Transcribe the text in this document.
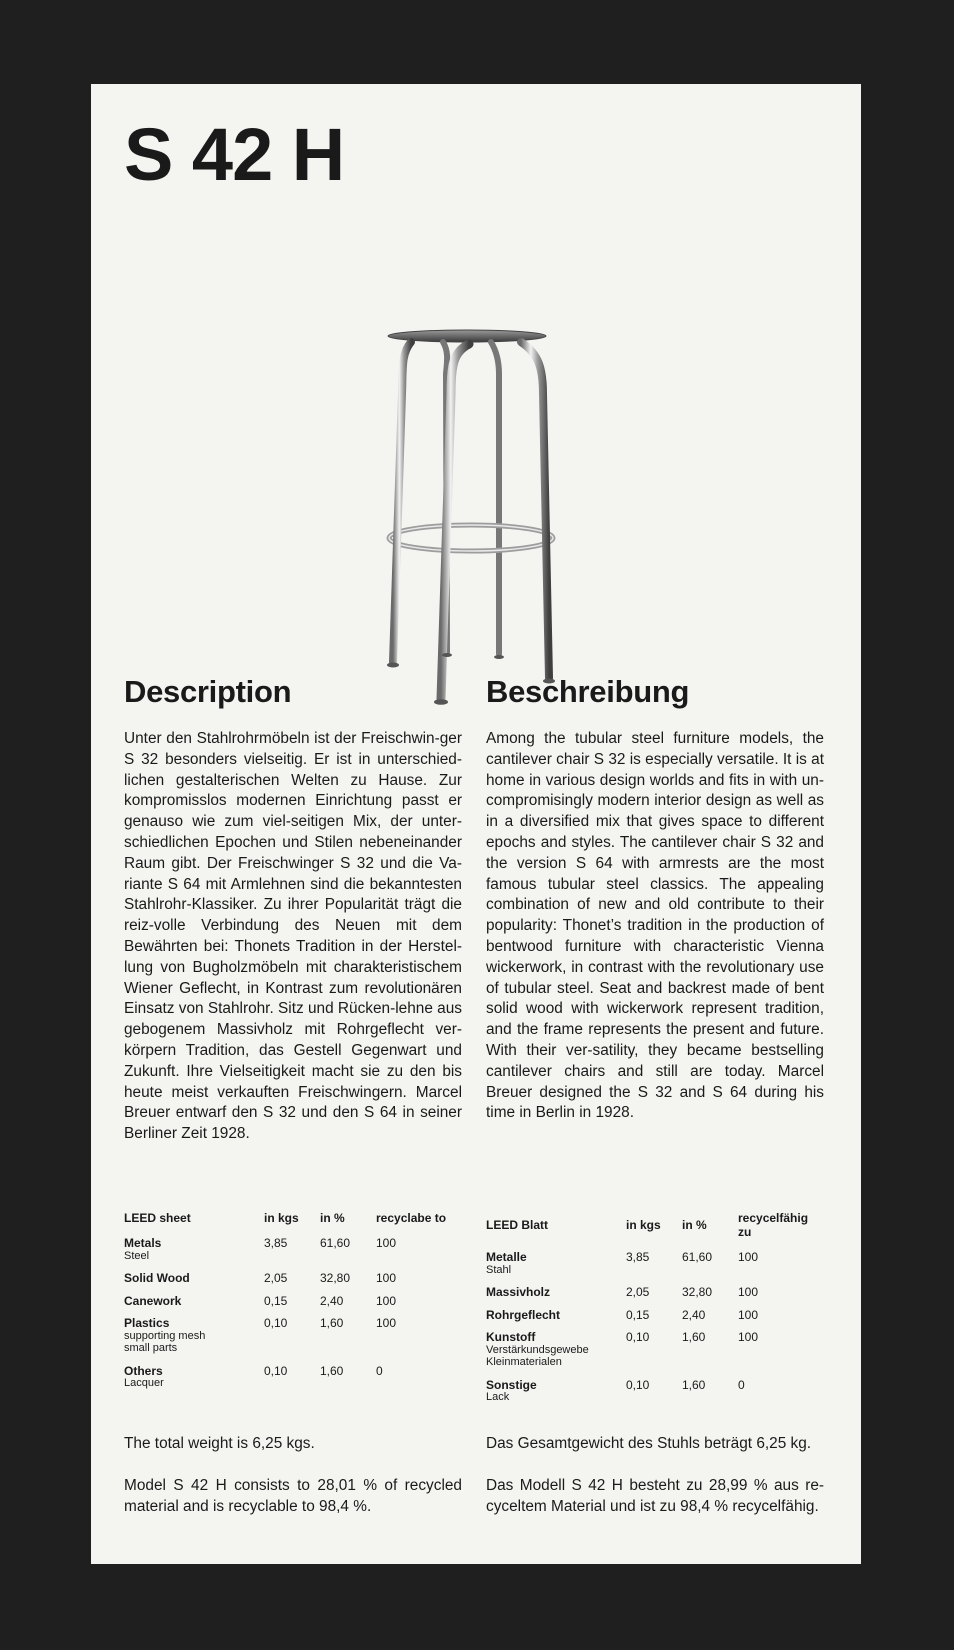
S 42 H
Description

Unter den Stahlrohrmöbeln ist der Freischwin-ger S 32 besonders vielseitig. Er ist in unterschied-lichen gestalterischen Welten zu Hause. Zur kompromisslos modernen Einrichtung passt er genauso wie zum viel-seitigen Mix, der unter-schiedlichen Epochen und Stilen nebeneinander Raum gibt. Der Freischwinger S 32 und die Va-riante S 64 mit Armlehnen sind die bekanntesten Stahlrohr-Klassiker. Zu ihrer Popularität trägt die reiz-volle Verbindung des Neuen mit dem Bewährten bei: Thonets Tradition in der Herstel-lung von Bugholzmöbeln mit charakteristischem Wiener Geflecht, in Kontrast zum revolutionären Einsatz von Stahlrohr. Sitz und Rücken-lehne aus gebogenem Massivholz mit Rohrgeflecht ver-körpern Tradition, das Gestell Gegenwart und Zukunft. Ihre Vielseitigkeit macht sie zu den bis heute meist verkauften Freischwingern. Marcel Breuer entwarf den S 32 und den S 64 in seiner Berliner Zeit 1928.

LEED sheet	in kgs	in %	recyclabe to
Metals
Steel	3,85	61,60	100
Solid Wood	2,05	32,80	100
Canework	0,15	2,40	100
Plastics
supporting mesh
small parts	0,10	1,60	100
Others
Lacquer	0,10	1,60	0

The total weight is 6,25 kgs.

Model S 42 H consists to 28,01 % of recycled material and is recyclable to 98,4 %.

Beschreibung

Among the tubular steel furniture models, the cantilever chair S 32 is especially versatile. It is at home in various design worlds and fits in with un-compromisingly modern interior design as well as in a diversified mix that gives space to different epochs and styles. The cantilever chair S 32 and the version S 64 with armrests are the most famous tubular steel classics. The appealing combination of new and old contribute to their popularity: Thonet’s tradition in the production of bentwood furniture with characteristic Vienna wickerwork, in contrast with the revolutionary use of tubular steel. Seat and backrest made of bent solid wood with wickerwork represent tradition, and the frame represents the present and future. With their ver-satility, they became bestselling cantilever chairs and still are today. Marcel Breuer designed the S 32 and S 64 during his time in Berlin in 1928.

LEED Blatt	in kgs	in %	recycelfähig zu
Metalle
Stahl	3,85	61,60	100
Massivholz	2,05	32,80	100
Rohrgeflecht	0,15	2,40	100
Kunstoff
Verstärkundsgewebe
Kleinmaterialen	0,10	1,60	100
Sonstige
Lack	0,10	1,60	0

Das Gesamtgewicht des Stuhls beträgt 6,25 kg.

Das Modell S 42 H besteht zu 28,99 % aus re-cyceltem Material und ist zu 98,4 % recycelfähig.
